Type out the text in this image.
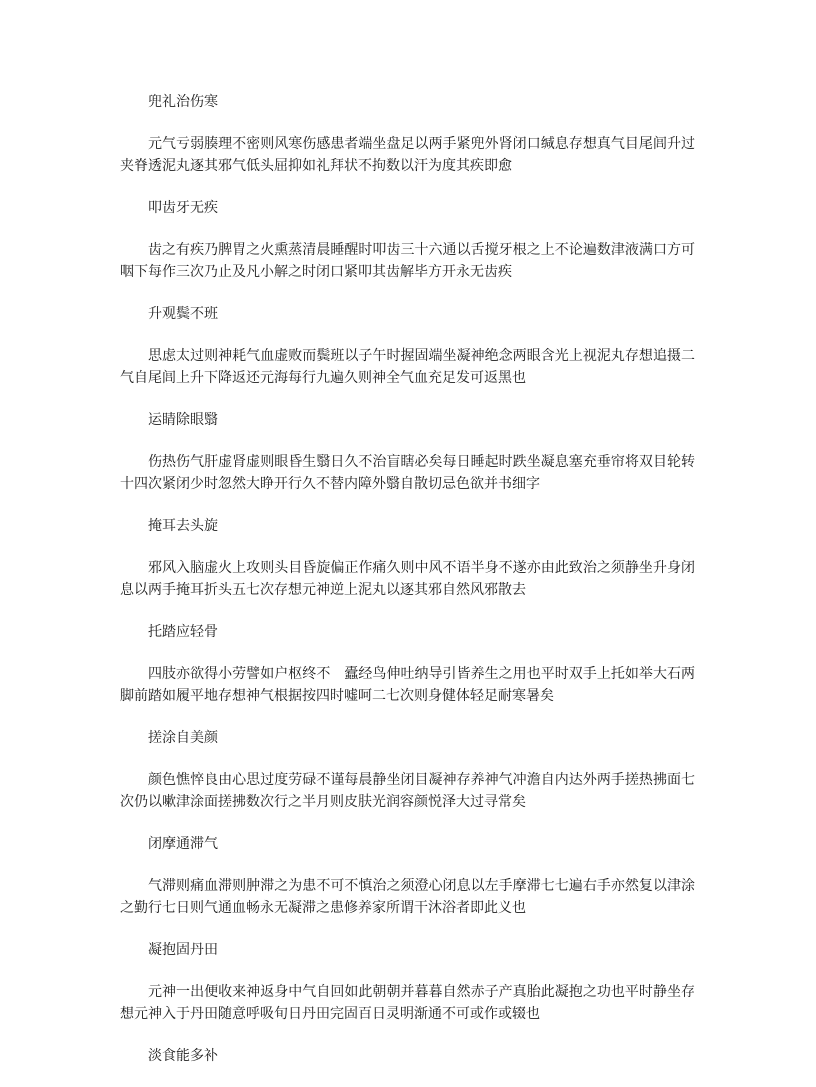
兜礼治伤寒
元气亏弱腠理不密则风寒伤感患者端坐盘足以两手紧兜外肾闭口缄息存想真气目尾闾升过夹脊透泥丸逐其邪气低头屈抑如礼拜状不拘数以汗为度其疾即愈
叩齿牙无疾
齿之有疾乃脾胃之火熏蒸清晨睡醒时叩齿三十六通以舌搅牙根之上不论遍数津液满口方可咽下每作三次乃止及凡小解之时闭口紧叩其齿解毕方开永无齿疾
升观鬓不班
思虑太过则神耗气血虚败而鬓班以子午时握固端坐凝神绝念两眼含光上视泥丸存想追摄二气自尾闾上升下降返还元海每行九遍久则神全气血充足发可返黑也
运睛除眼翳
伤热伤气肝虚肾虚则眼昏生翳日久不治盲瞎必矣每日睡起时跌坐凝息塞充垂帘将双目轮转十四次紧闭少时忽然大睁开行久不替内障外翳自散切忌色欲并书细字
掩耳去头旋
邪风入脑虚火上攻则头目昏旋偏正作痛久则中风不语半身不遂亦由此致治之须静坐升身闭息以两手掩耳折头五七次存想元神逆上泥丸以逐其邪自然风邪散去
托踏应轻骨
四肢亦欲得小劳譬如户枢终不　蠹经鸟伸吐纳导引皆养生之用也平时双手上托如举大石两脚前踏如履平地存想神气根据按四时嘘呵二七次则身健体轻足耐寒暑矣
搓涂自美颜
颜色憔悴良由心思过度劳碌不谨每晨静坐闭目凝神存养神气冲澹自内达外两手搓热拂面七次仍以嗽津涂面搓拂数次行之半月则皮肤光润容颜悦泽大过寻常矣
闭摩通滞气
气滞则痛血滞则肿滞之为患不可不慎治之须澄心闭息以左手摩滞七七遍右手亦然复以津涂之勤行七日则气通血畅永无凝滞之患修养家所谓干沐浴者即此义也
凝抱固丹田
元神一出便收来神返身中气自回如此朝朝并暮暮自然赤子产真胎此凝抱之功也平时静坐存想元神入于丹田随意呼吸旬日丹田完固百日灵明渐通不可或作或辍也
淡食能多补
